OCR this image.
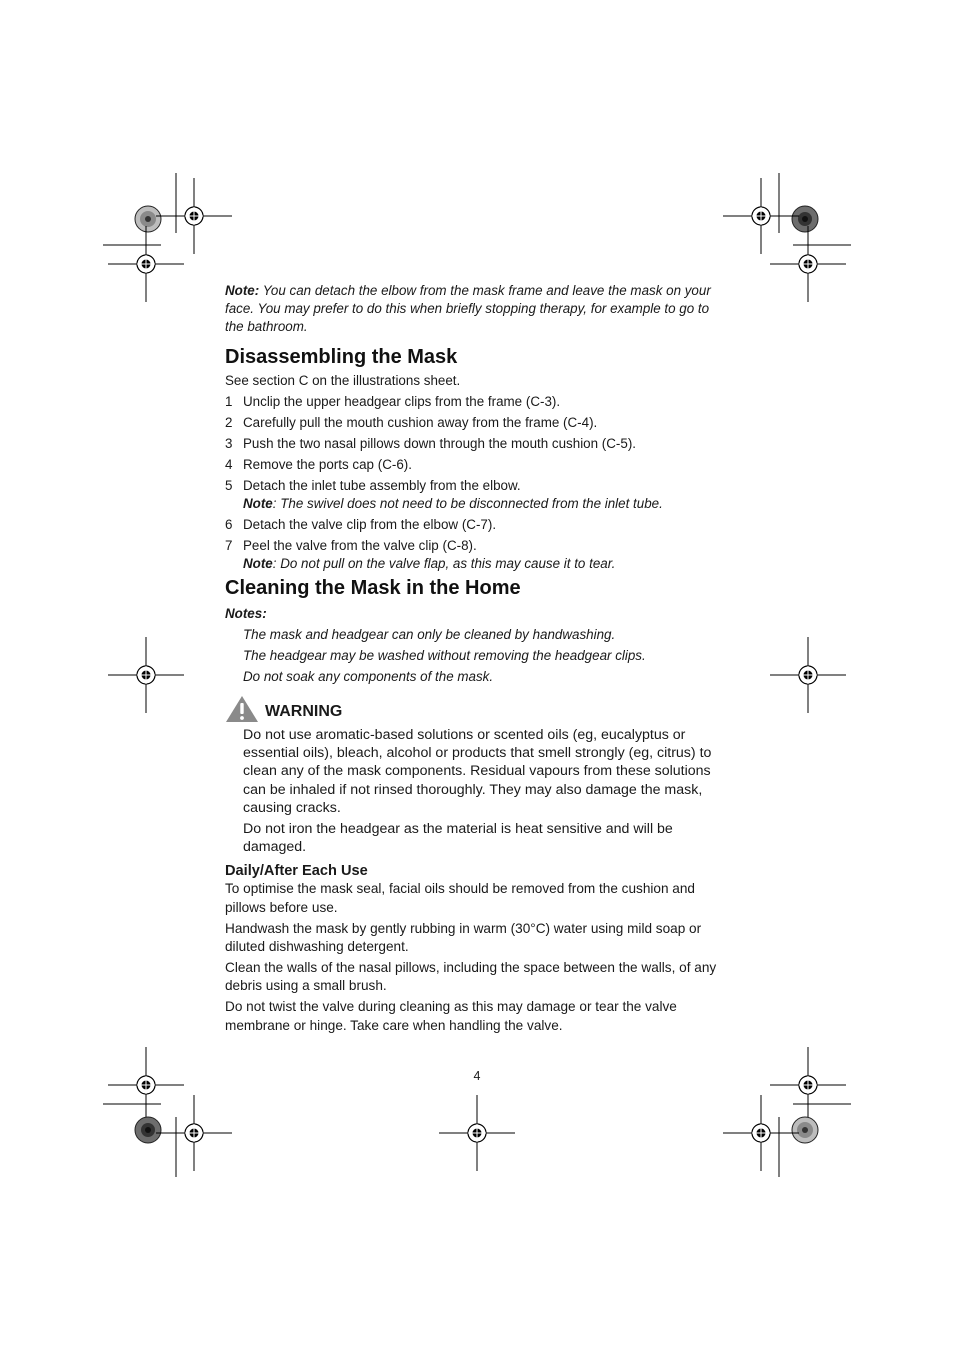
Note: You can detach the elbow from the mask frame and leave the mask on your face. You may prefer to do this when briefly stopping therapy, for example to go to the bathroom.

Disassembling the Mask

See section C on the illustrations sheet.

1 Unclip the upper headgear clips from the frame (C-3).
2 Carefully pull the mouth cushion away from the frame (C-4).
3 Push the two nasal pillows down through the mouth cushion (C-5).
4 Remove the ports cap (C-6).
5 Detach the inlet tube assembly from the elbow.
Note: The swivel does not need to be disconnected from the inlet tube.
6 Detach the valve clip from the elbow (C-7).
7 Peel the valve from the valve clip (C-8).
Note: Do not pull on the valve flap, as this may cause it to tear.
Cleaning the Mask in the Home
Notes:
The mask and headgear can only be cleaned by handwashing.
The headgear may be washed without removing the headgear clips.
Do not soak any components of the mask.
WARNING

Do not use aromatic-based solutions or scented oils (eg, eucalyptus or essential oils), bleach, alcohol or products that smell strongly (eg, citrus) to clean any of the mask components. Residual vapours from these solutions can be inhaled if not rinsed thoroughly. They may also damage the mask, causing cracks.

Do not iron the headgear as the material is heat sensitive and will be damaged.

Daily/After Each Use

To optimise the mask seal, facial oils should be removed from the cushion and pillows before use.

Handwash the mask by gently rubbing in warm (30°C) water using mild soap or diluted dishwashing detergent.

Clean the walls of the nasal pillows, including the space between the walls, of any debris using a small brush.

Do not twist the valve during cleaning as this may damage or tear the valve membrane or hinge. Take care when handling the valve.

4
